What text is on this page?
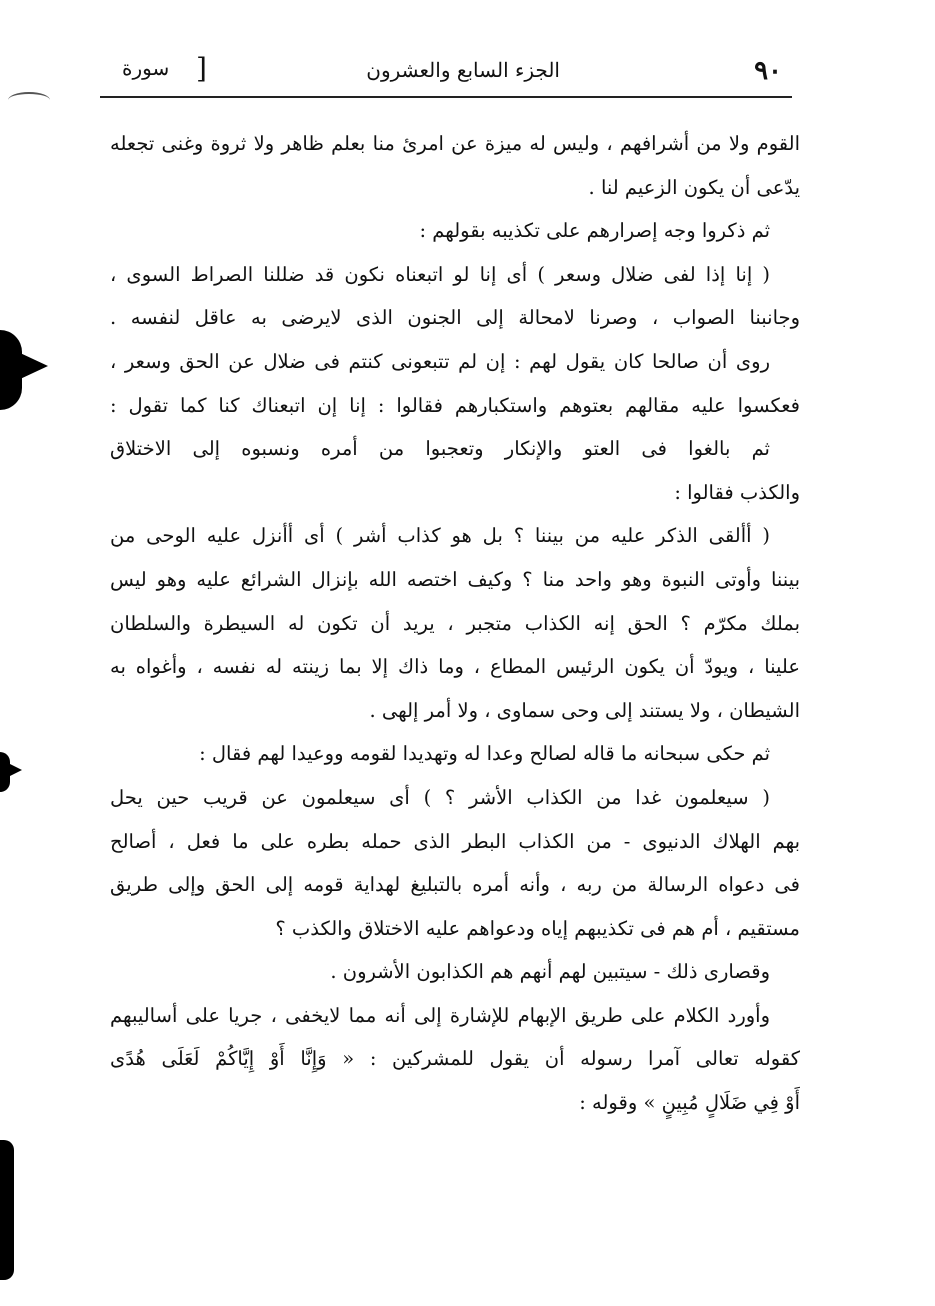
٩٠
الجزء السابع والعشرون
[
سورة
القوم ولا من أشرافهم ، وليس له ميزة عن امرئ منا بعلم ظاهر ولا ثروة وغنى تجعله
يدّعى أن يكون الزعيم لنا .
ثم ذكروا وجه إصرارهم على تكذيبه بقولهم :
( إنا إذا لفى ضلال وسعر ) أى إنا لو اتبعناه نكون قد ضللنا الصراط السوى ،
وجانبنا الصواب ، وصرنا لامحالة إلى الجنون الذى لايرضى به عاقل لنفسه .
روى أن صالحا كان يقول لهم : إن لم تتبعونى كنتم فى ضلال عن الحق وسعر ،
فعكسوا عليه مقالهم بعتوهم واستكبارهم فقالوا : إنا إن اتبعناك كنا كما تقول :
ثم بالغوا فى العتو والإنكار وتعجبوا من أمره ونسبوه إلى الاختلاق
والكذب فقالوا :
( أألقى الذكر عليه من بيننا ؟ بل هو كذاب أشر ) أى أأنزل عليه الوحى من
بيننا وأوتى النبوة وهو واحد منا ؟ وكيف اختصه الله بإنزال الشرائع عليه وهو ليس
بملك مكرّم ؟ الحق إنه الكذاب متجبر ، يريد أن تكون له السيطرة والسلطان
علينا ، ويودّ أن يكون الرئيس المطاع ، وما ذاك إلا بما زينته له نفسه ، وأغواه به
الشيطان ، ولا يستند إلى وحى سماوى ، ولا أمر إلهى .
ثم حكى سبحانه ما قاله لصالح وعدا له وتهديدا لقومه ووعيدا لهم فقال :
( سيعلمون غدا من الكذاب الأشر ؟ ) أى سيعلمون عن قريب حين يحل
بهم الهلاك الدنيوى - من الكذاب البطر الذى حمله بطره على ما فعل ، أصالح
فى دعواه الرسالة من ربه ، وأنه أمره بالتبليغ لهداية قومه إلى الحق وإلى طريق
مستقيم ، أم هم فى تكذيبهم إياه ودعواهم عليه الاختلاق والكذب ؟
وقصارى ذلك - سيتبين لهم أنهم هم الكذابون الأشرون .
وأورد الكلام على طريق الإبهام للإشارة إلى أنه مما لايخفى ، جريا على أساليبهم
كقوله تعالى آمرا رسوله أن يقول للمشركين : « وَإِنَّا أَوْ إِيَّاكُمْ لَعَلَى هُدًى
أَوْ فِي ضَلَالٍ مُبِينٍ » وقوله :
